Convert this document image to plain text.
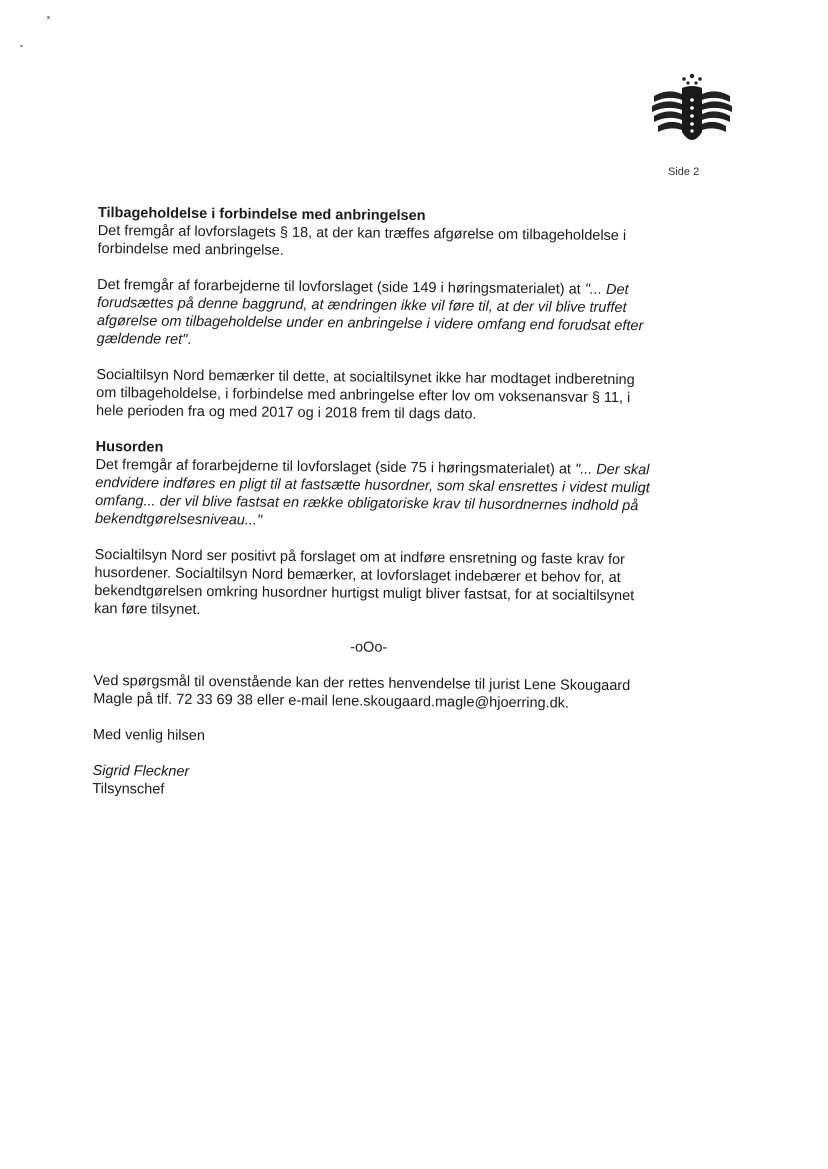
Side 2

Tilbageholdelse i forbindelse med anbringelsen

Det fremgår af lovforslagets § 18, at der kan træffes afgørelse om tilbageholdelse i forbindelse med anbringelse.

Det fremgår af forarbejderne til lovforslaget (side 149 i høringsmaterialet) at "... Det forudsættes på denne baggrund, at ændringen ikke vil føre til, at der vil blive truffet afgørelse om tilbageholdelse under en anbringelse i videre omfang end forudsat efter gældende ret".

Socialtilsyn Nord bemærker til dette, at socialtilsynet ikke har modtaget indberetning om tilbageholdelse, i forbindelse med anbringelse efter lov om voksenansvar § 11, i hele perioden fra og med 2017 og i 2018 frem til dags dato.

Husorden

Det fremgår af forarbejderne til lovforslaget (side 75 i høringsmaterialet) at "... Der skal endvidere indføres en pligt til at fastsætte husordner, som skal ensrettes i videst muligt omfang... der vil blive fastsat en række obligatoriske krav til husordnernes indhold på bekendtgørelsesniveau..."

Socialtilsyn Nord ser positivt på forslaget om at indføre ensretning og faste krav for husordener. Socialtilsyn Nord bemærker, at lovforslaget indebærer et behov for, at bekendtgørelsen omkring husordner hurtigst muligt bliver fastsat, for at socialtilsynet kan føre tilsynet.

-oOo-

Ved spørgsmål til ovenstående kan der rettes henvendelse til jurist Lene Skougaard Magle på tlf. 72 33 69 38 eller e-mail lene.skougaard.magle@hjoerring.dk.

Med venlig hilsen

Sigrid Fleckner

Tilsynschef
